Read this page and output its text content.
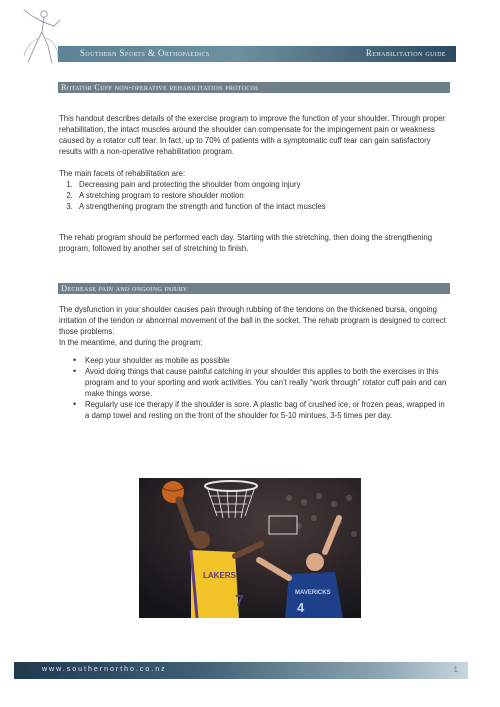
Southern Sports & Orthopaedics	Rehabilitation guide
Rotator Cuff non-operative rehabilitation protocol

This handout describes details of the exercise program to improve the function of your shoulder. Through proper rehabilitation, the intact muscles around the shoulder can compensate for the impingement pain or weakness caused by a rotator cuff tear. In fact, up to 70% of patients with a symptomatic cuff tear can gain satisfactory results with a non-operative rehabilitation program.

The main facets of rehabilitation are:

1. Decreasing pain and protecting the shoulder from ongoing injury
2. A stretching program to restore shoulder motion
3. A strengthening program the strength and function of the intact muscles

The rehab program should be performed each day. Starting with the stretching, then doing the strengthening program, followed by another set of stretching to finish.

Decrease pain and ongoing injury

The dysfunction in your shoulder causes pain through rubbing of the tendons on the thickened bursa, ongoing irritation of the tendon or abnormal movement of the ball in the socket. The rehab program is designed to correct those problems.

In the meantime, and during the program:

• Keep your shoulder as mobile as possible
• Avoid doing things that cause painful catching in your shoulder this applies to both the exercises in this program and to your sporting and work activities. You can’t really “work through” rotator cuff pain and can make things worse.
• Regularly use ice therapy if the shoulder is sore. A plastic bag of crushed ice, or frozen peas, wrapped in a damp towel and resting on the front of the shoulder for 5-10 mintues, 3-5 times per day.
LAKERS
7	MAVERICKS
4
www.southernortho.co.nz	1
